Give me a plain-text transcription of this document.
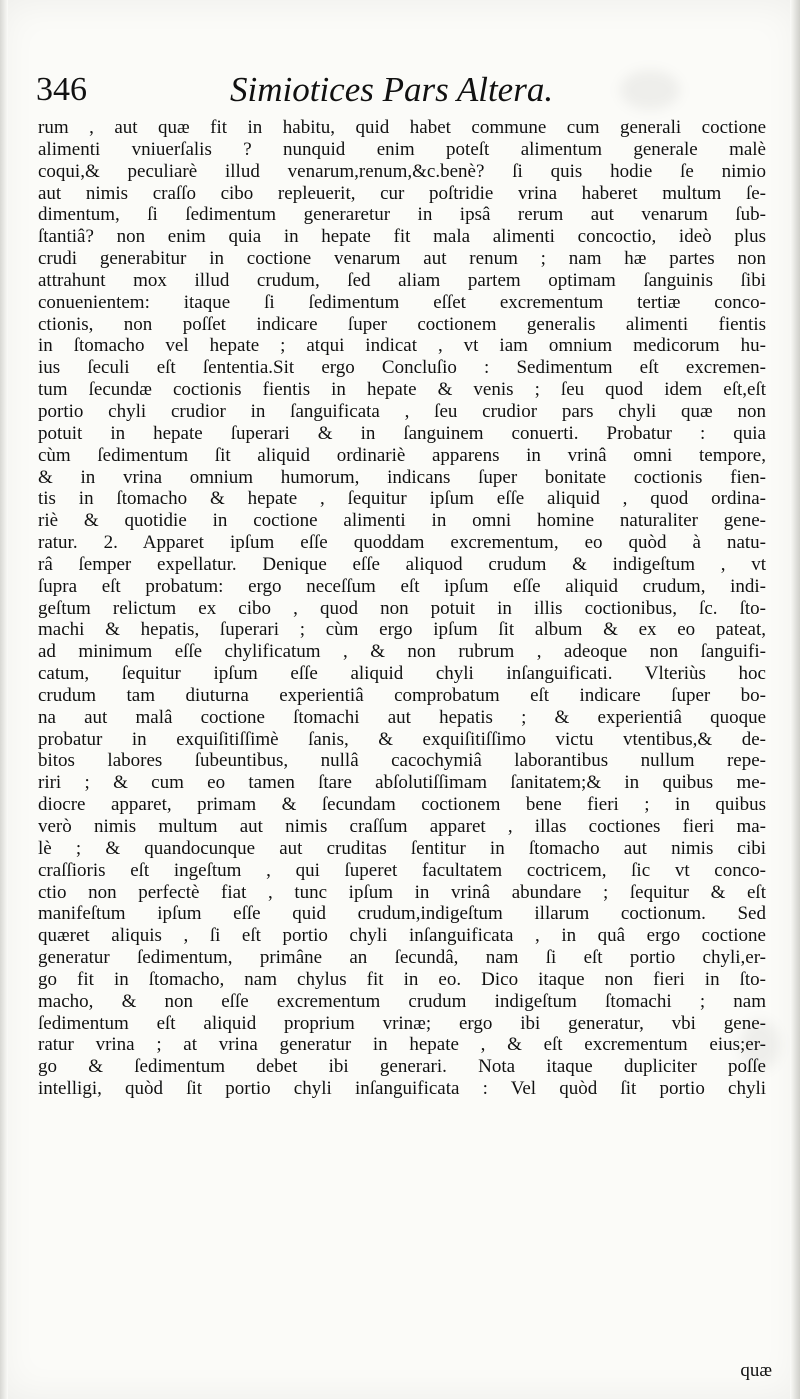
346	Simiotices Pars Altera.
rum , aut quæ fit in habitu, quid habet commune cum generali coctione
alimenti vniuerſalis ? nunquid enim poteſt alimentum generale malè
coqui,& peculiarè illud venarum,renum,&c.benè? ſi quis hodie ſe nimio
aut nimis craſſo cibo repleuerit, cur poſtridie vrina haberet multum ſe-
dimentum, ſi ſedimentum generaretur in ipsâ rerum aut venarum ſub-
ſtantiâ? non enim quia in hepate fit mala alimenti concoctio, ideò plus
crudi generabitur in coctione venarum aut renum ; nam hæ partes non
attrahunt mox illud crudum, ſed aliam partem optimam ſanguinis ſibi
conuenientem: itaque ſi ſedimentum eſſet excrementum tertiæ conco-
ctionis, non poſſet indicare ſuper coctionem generalis alimenti fientis
in ſtomacho vel hepate ; atqui indicat , vt iam omnium medicorum hu-
ius ſeculi eſt ſententia.Sit ergo Concluſio : Sedimentum eſt excremen-
tum ſecundæ coctionis fientis in hepate & venis ; ſeu quod idem eſt,eſt
portio chyli crudior in ſanguificata , ſeu crudior pars chyli quæ non
potuit in hepate ſuperari & in ſanguinem conuerti. Probatur : quia
cùm ſedimentum ſit aliquid ordinariè apparens in vrinâ omni tempore,
& in vrina omnium humorum, indicans ſuper bonitate coctionis fien-
tis in ſtomacho & hepate , ſequitur ipſum eſſe aliquid , quod ordina-
riè & quotidie in coctione alimenti in omni homine naturaliter gene-
ratur. 2. Apparet ipſum eſſe quoddam excrementum, eo quòd à natu-
râ ſemper expellatur. Denique eſſe aliquod crudum & indigeſtum , vt
ſupra eſt probatum: ergo neceſſum eſt ipſum eſſe aliquid crudum, indi-
geſtum relictum ex cibo , quod non potuit in illis coctionibus, ſc. ſto-
machi & hepatis, ſuperari ; cùm ergo ipſum ſit album & ex eo pateat,
ad minimum eſſe chylificatum , & non rubrum , adeoque non ſanguifi-
catum, ſequitur ipſum eſſe aliquid chyli inſanguificati. Vlteriùs hoc
crudum tam diuturna experientiâ comprobatum eſt indicare ſuper bo-
na aut malâ coctione ſtomachi aut hepatis ; & experientiâ quoque
probatur in exquiſitiſſimè ſanis, & exquiſitiſſimo victu vtentibus,& de-
bitos labores ſubeuntibus, nullâ cacochymiâ laborantibus nullum repe-
riri ; & cum eo tamen ſtare abſolutiſſimam ſanitatem;& in quibus me-
diocre apparet, primam & ſecundam coctionem bene fieri ; in quibus
verò nimis multum aut nimis craſſum apparet , illas coctiones fieri ma-
lè ; & quandocunque aut cruditas ſentitur in ſtomacho aut nimis cibi
craſſioris eſt ingeſtum , qui ſuperet facultatem coctricem, ſic vt conco-
ctio non perfectè fiat , tunc ipſum in vrinâ abundare ; ſequitur & eſt
manifeſtum ipſum eſſe quid crudum,indigeſtum illarum coctionum. Sed
quæret aliquis , ſi eſt portio chyli inſanguificata , in quâ ergo coctione
generatur ſedimentum, primâne an ſecundâ, nam ſi eſt portio chyli,er-
go fit in ſtomacho, nam chylus fit in eo. Dico itaque non fieri in ſto-
macho, & non eſſe excrementum crudum indigeſtum ſtomachi ; nam
ſedimentum eſt aliquid proprium vrinæ; ergo ibi generatur, vbi gene-
ratur vrina ; at vrina generatur in hepate , & eſt excrementum eius;er-
go & ſedimentum debet ibi generari. Nota itaque dupliciter poſſe
intelligi, quòd ſit portio chyli inſanguificata : Vel quòd ſit portio chyli
quæ
